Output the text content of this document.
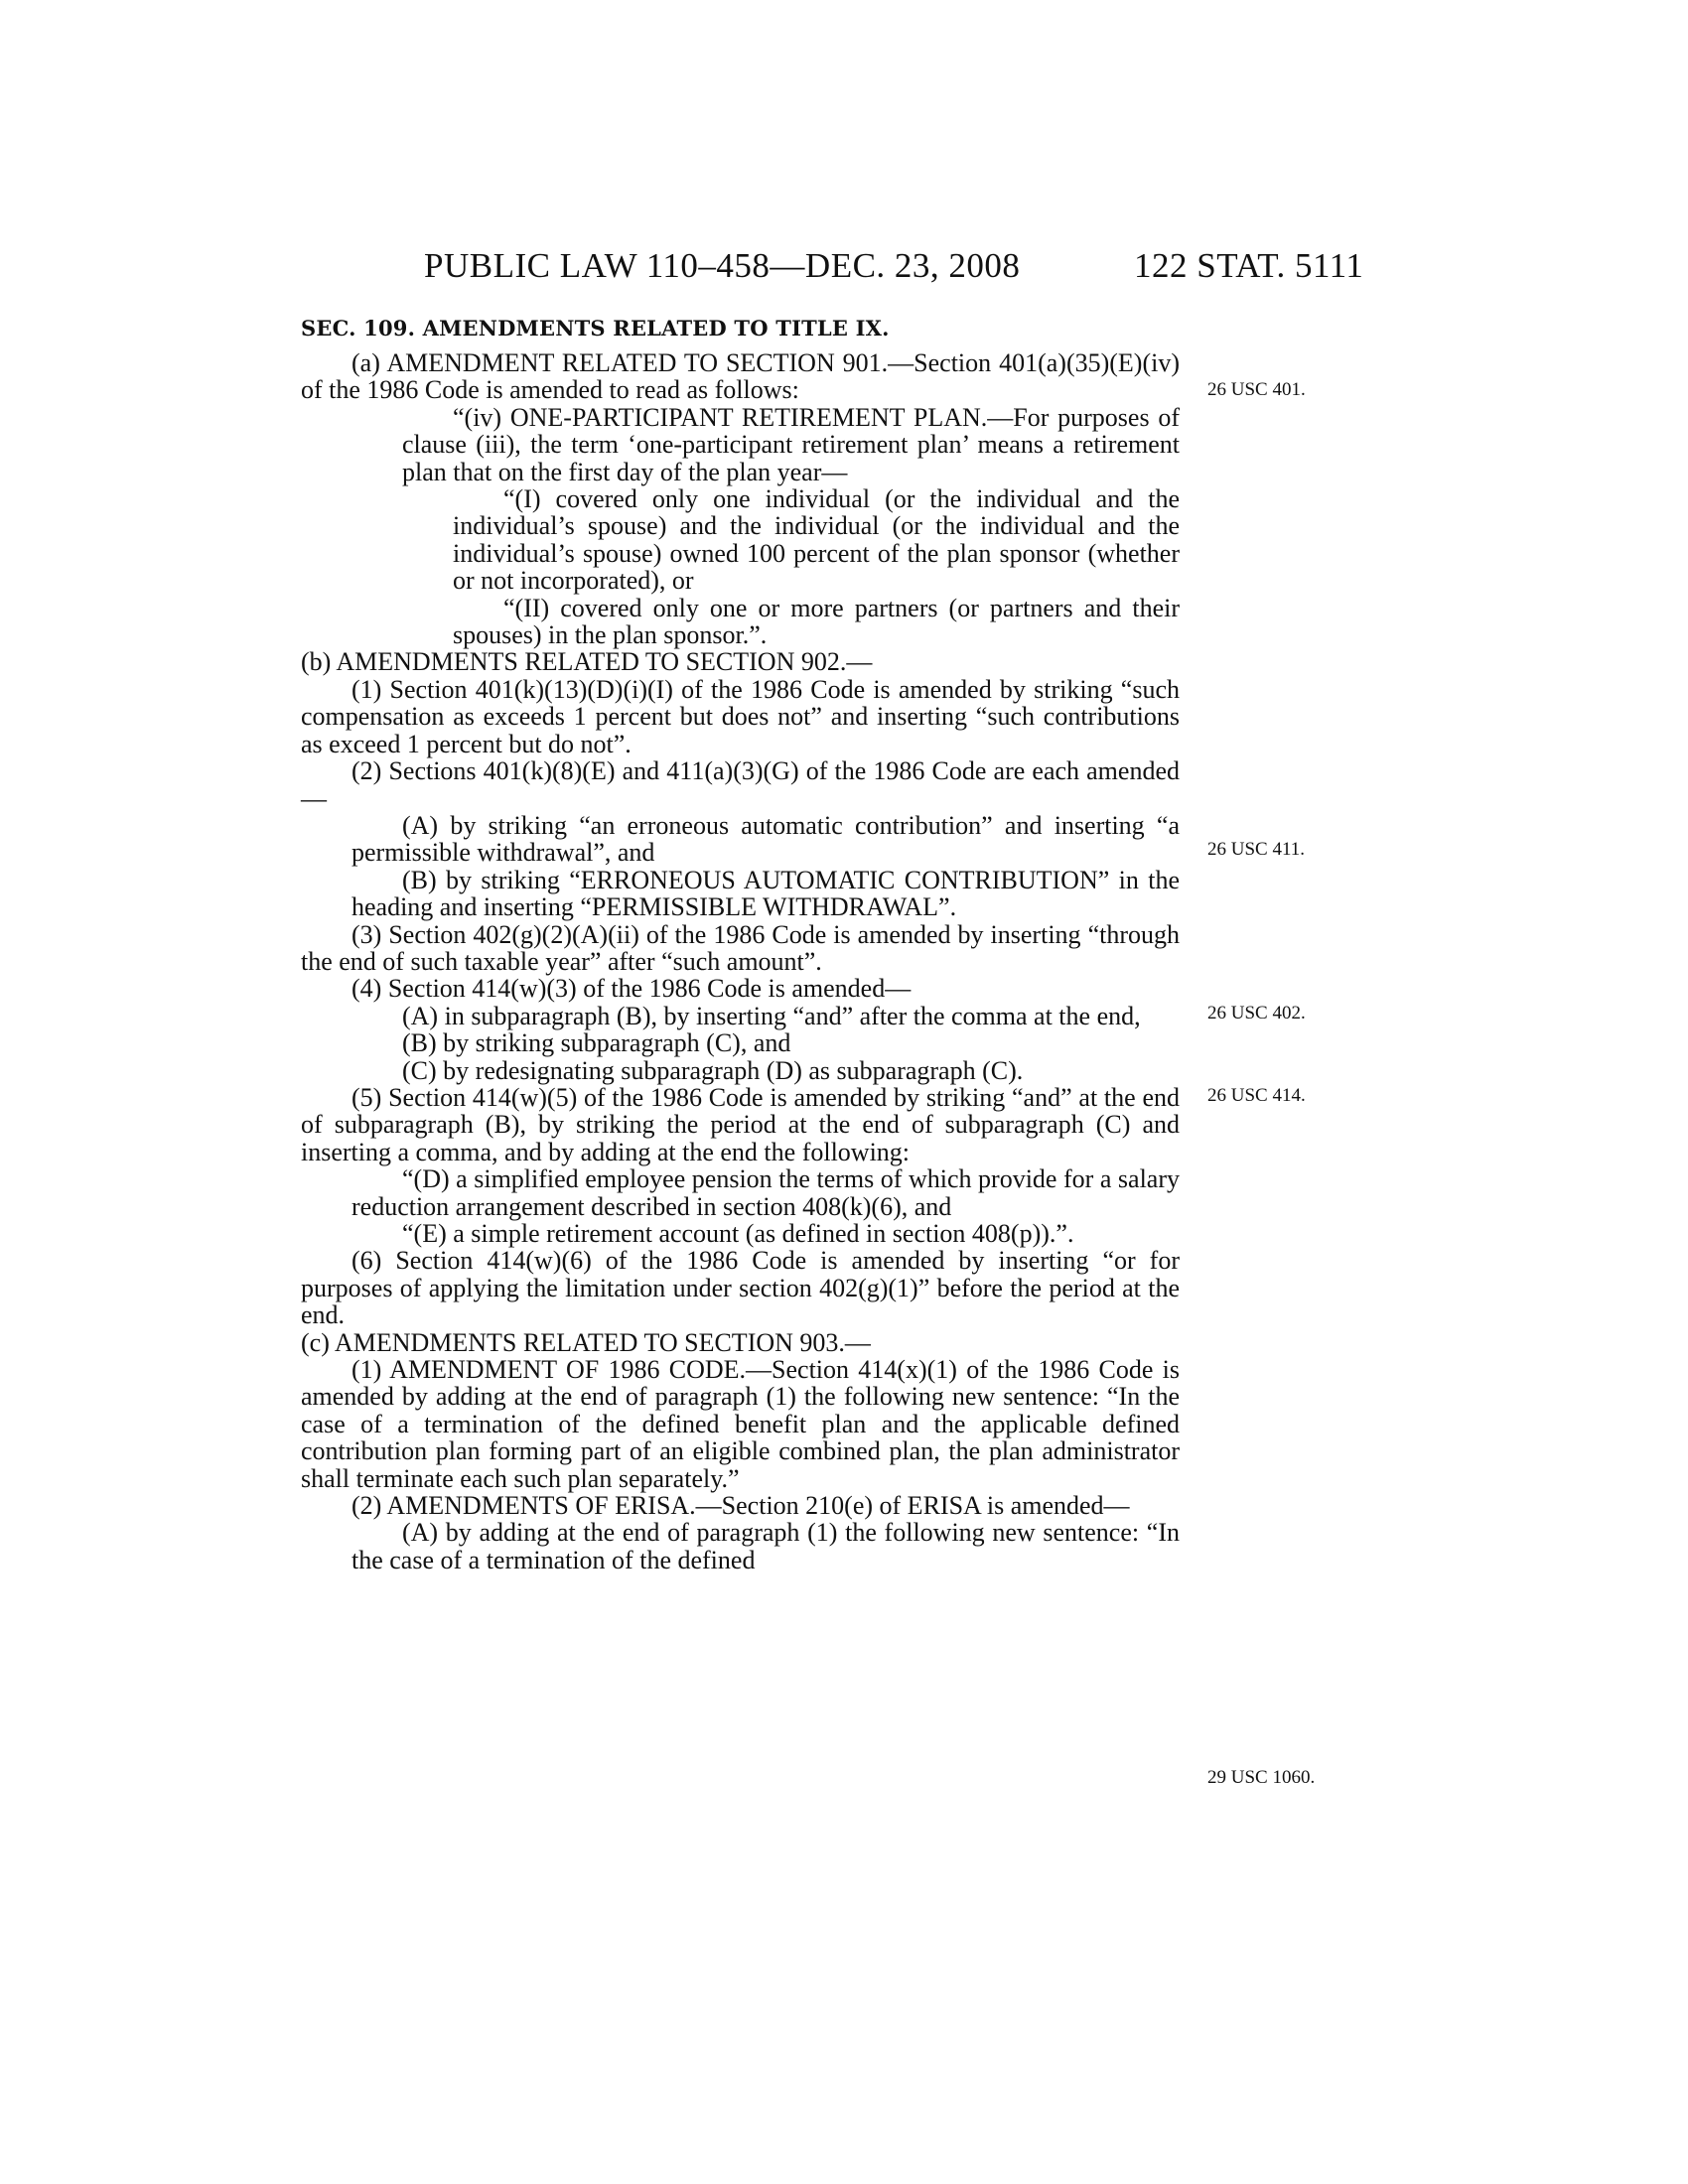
PUBLIC LAW 110–458—DEC. 23, 2008	122 STAT. 5111
SEC. 109. AMENDMENTS RELATED TO TITLE IX.

(a) AMENDMENT RELATED TO SECTION 901.—Section 401(a)(35)(E)(iv) of the 1986 Code is amended to read as follows:

“(iv) ONE-PARTICIPANT RETIREMENT PLAN.—For purposes of clause (iii), the term ‘one-participant retirement plan’ means a retirement plan that on the first day of the plan year—

“(I) covered only one individual (or the individual and the individual’s spouse) and the individual (or the individual and the individual’s spouse) owned 100 percent of the plan sponsor (whether or not incorporated), or

“(II) covered only one or more partners (or partners and their spouses) in the plan sponsor.”.

(b) AMENDMENTS RELATED TO SECTION 902.—

(1) Section 401(k)(13)(D)(i)(I) of the 1986 Code is amended by striking “such compensation as exceeds 1 percent but does not” and inserting “such contributions as exceed 1 percent but do not”.

(2) Sections 401(k)(8)(E) and 411(a)(3)(G) of the 1986 Code are each amended—

(A) by striking “an erroneous automatic contribution” and inserting “a permissible withdrawal”, and

(B) by striking “ERRONEOUS AUTOMATIC CONTRIBUTION” in the heading and inserting “PERMISSIBLE WITHDRAWAL”.

(3) Section 402(g)(2)(A)(ii) of the 1986 Code is amended by inserting “through the end of such taxable year” after “such amount”.

(4) Section 414(w)(3) of the 1986 Code is amended—

(A) in subparagraph (B), by inserting “and” after the comma at the end,

(B) by striking subparagraph (C), and

(C) by redesignating subparagraph (D) as subparagraph (C).

(5) Section 414(w)(5) of the 1986 Code is amended by striking “and” at the end of subparagraph (B), by striking the period at the end of subparagraph (C) and inserting a comma, and by adding at the end the following:

“(D) a simplified employee pension the terms of which provide for a salary reduction arrangement described in section 408(k)(6), and

“(E) a simple retirement account (as defined in section 408(p)).”.

(6) Section 414(w)(6) of the 1986 Code is amended by inserting “or for purposes of applying the limitation under section 402(g)(1)” before the period at the end.

(c) AMENDMENTS RELATED TO SECTION 903.—

(1) AMENDMENT OF 1986 CODE.—Section 414(x)(1) of the 1986 Code is amended by adding at the end of paragraph (1) the following new sentence: “In the case of a termination of the defined benefit plan and the applicable defined contribution plan forming part of an eligible combined plan, the plan administrator shall terminate each such plan separately.”

(2) AMENDMENTS OF ERISA.—Section 210(e) of ERISA is amended—

(A) by adding at the end of paragraph (1) the following new sentence: “In the case of a termination of the defined

26 USC 401.
26 USC 411.
26 USC 402.
26 USC 414.
29 USC 1060.
